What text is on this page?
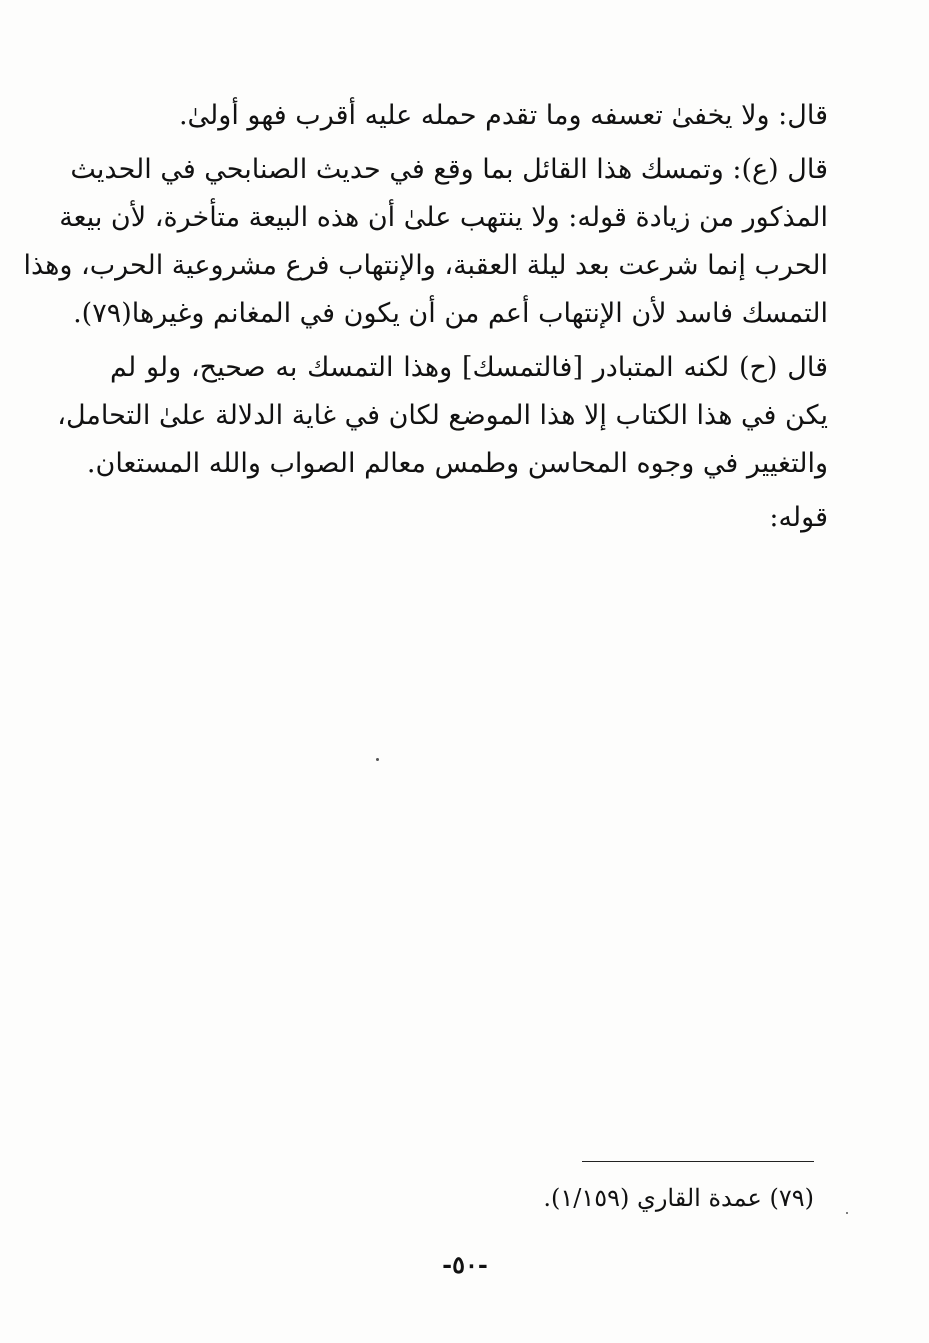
قال: ولا يخفىٰ تعسفه وما تقدم حمله عليه أقرب فهو أولىٰ.

قال (ع): وتمسك هذا القائل بما وقع في حديث الصنابحي في الحديث
المذكور من زيادة قوله: ولا ينتهب علىٰ أن هذه البيعة متأخرة، لأن بيعة
الحرب إنما شرعت بعد ليلة العقبة، والإنتهاب فرع مشروعية الحرب، وهذا
التمسك فاسد لأن الإنتهاب أعم من أن يكون في المغانم وغيرها(٧٩).

قال (ح) لكنه المتبادر [فالتمسك] وهذا التمسك به صحيح، ولو لم
يكن في هذا الكتاب إلا هذا الموضع لكان في غاية الدلالة علىٰ التحامل،
والتغيير في وجوه المحاسن وطمس معالم الصواب والله المستعان.

قوله:

(٧٩) عمدة القاري (١/١٥٩).
-٥٠-
